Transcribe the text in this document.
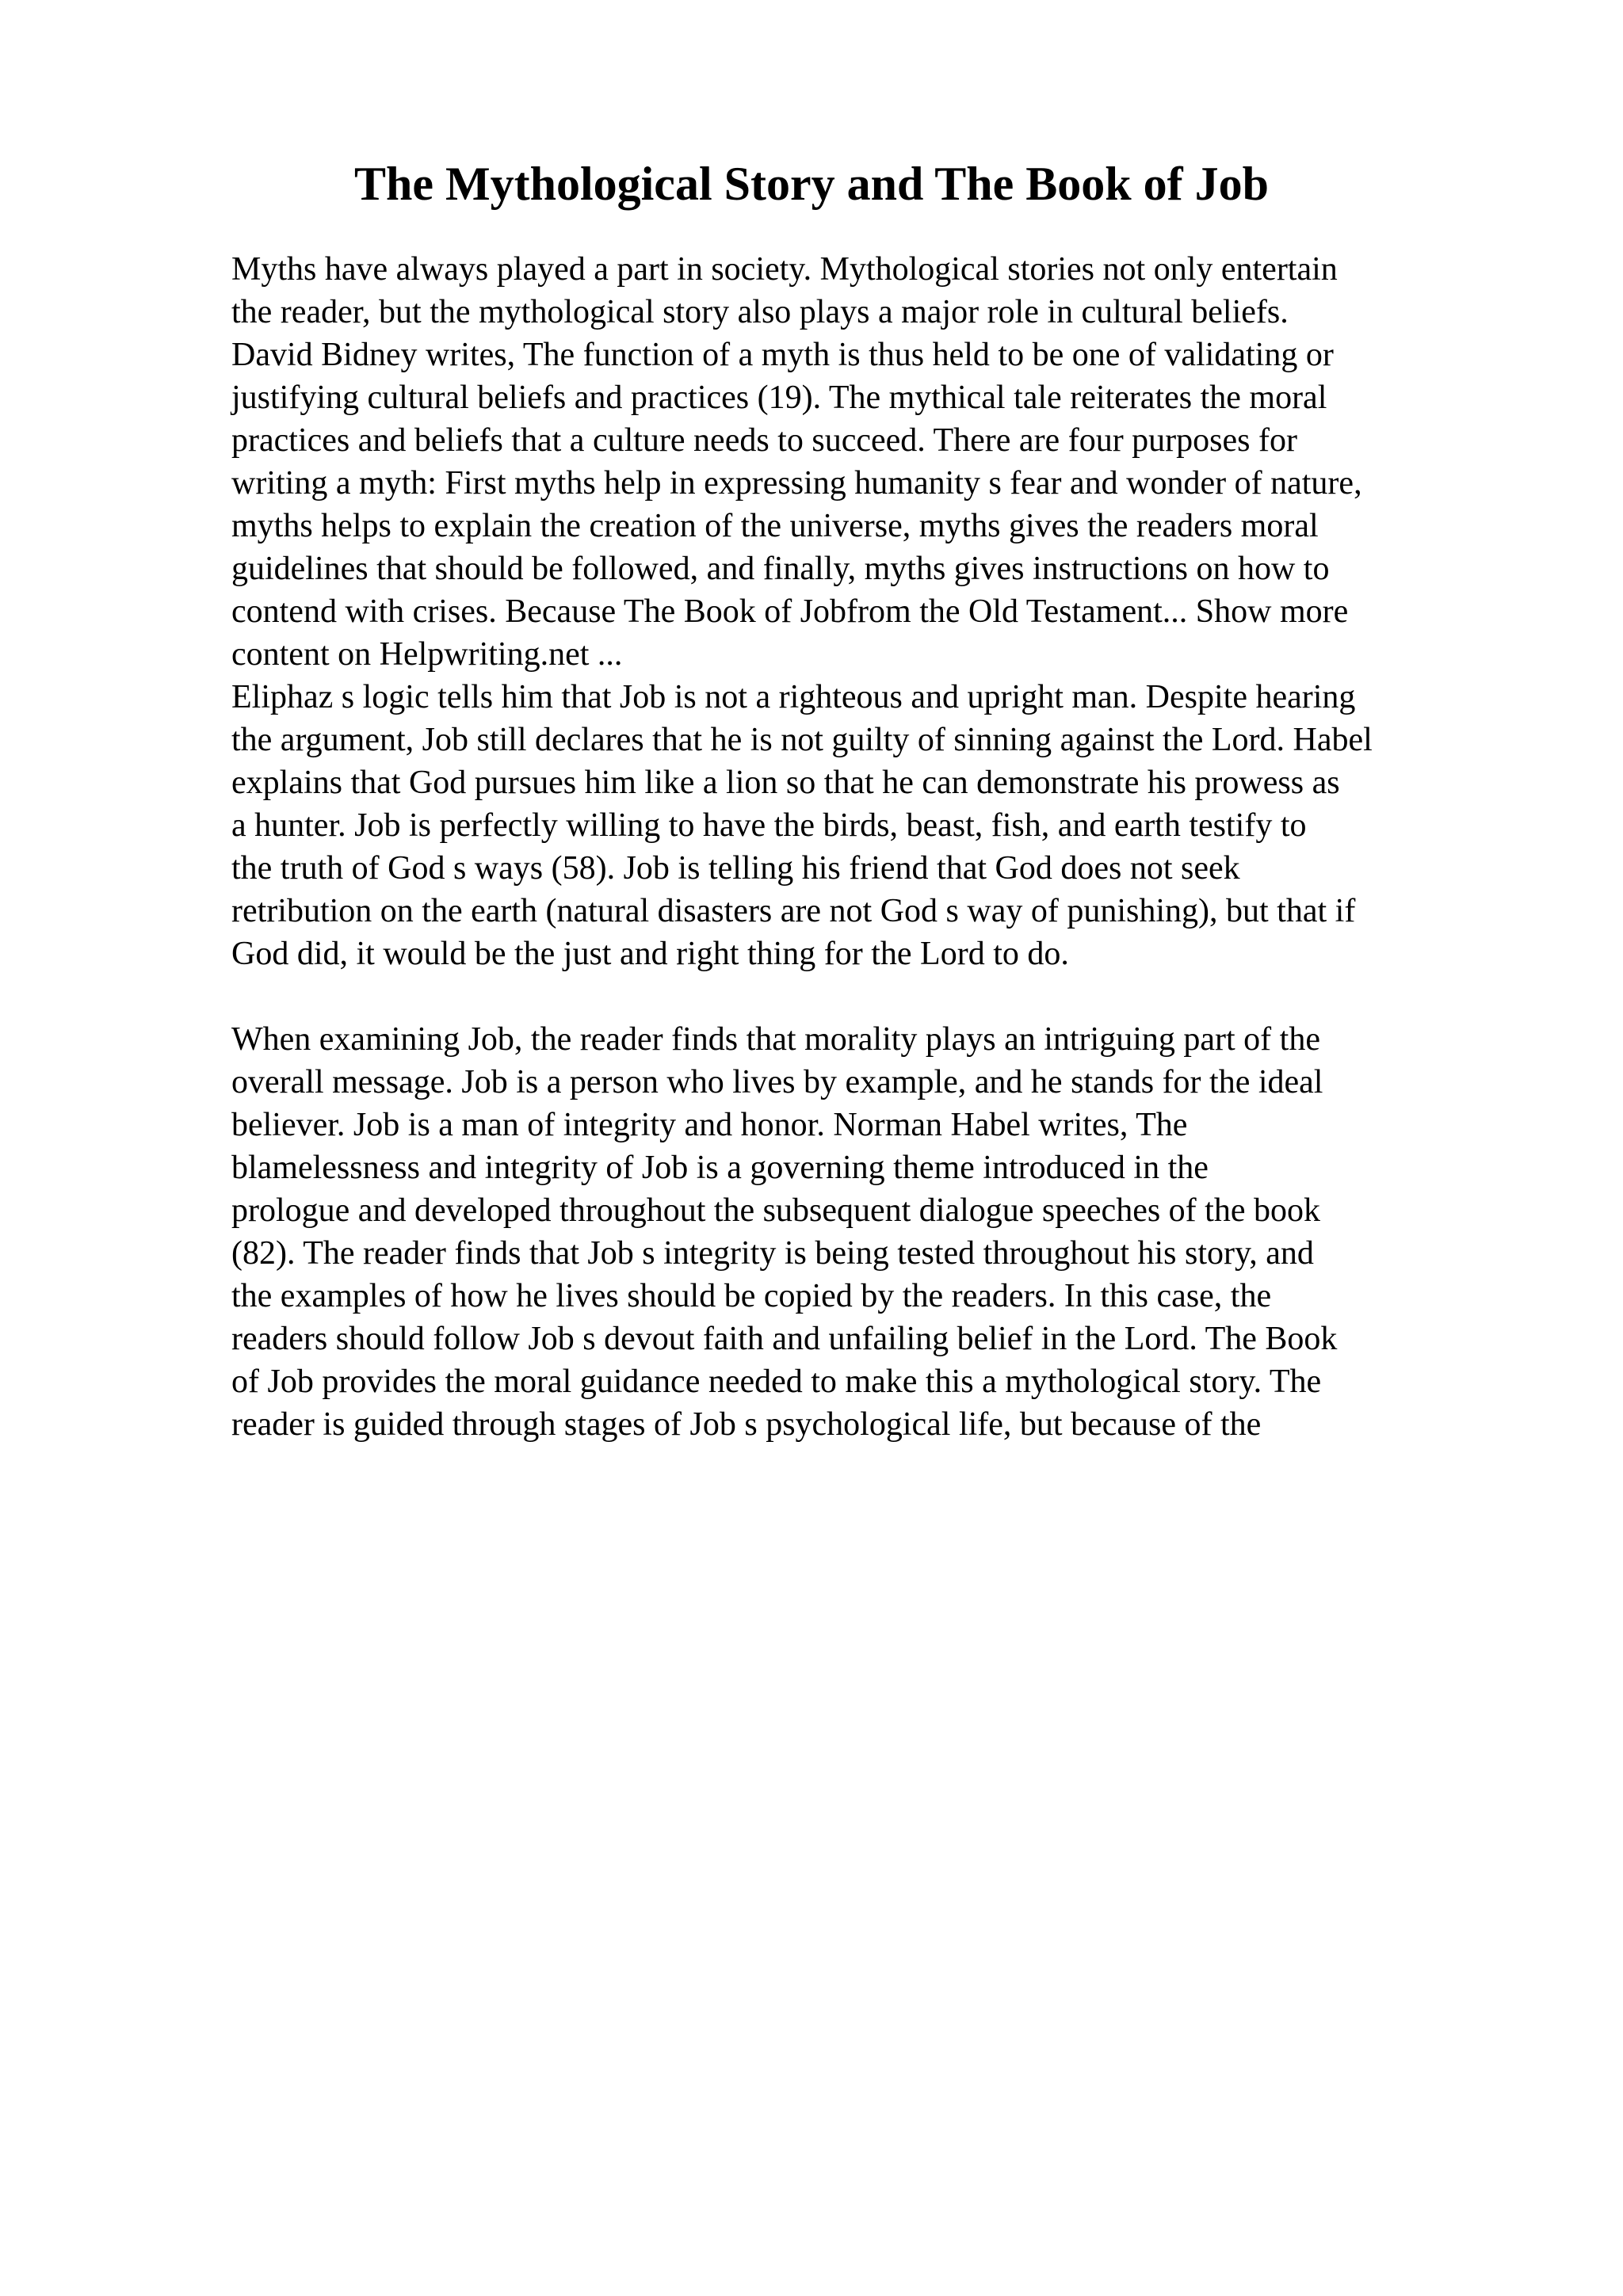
The Mythological Story and The Book of Job
Myths have always played a part in society. Mythological stories not only entertain
the reader, but the mythological story also plays a major role in cultural beliefs.
David Bidney writes, The function of a myth is thus held to be one of validating or
justifying cultural beliefs and practices (19). The mythical tale reiterates the moral
practices and beliefs that a culture needs to succeed. There are four purposes for
writing a myth: First myths help in expressing humanity s fear and wonder of nature,
myths helps to explain the creation of the universe, myths gives the readers moral
guidelines that should be followed, and finally, myths gives instructions on how to
contend with crises. Because The Book of Jobfrom the Old Testament... Show more
content on Helpwriting.net ...
Eliphaz s logic tells him that Job is not a righteous and upright man. Despite hearing
the argument, Job still declares that he is not guilty of sinning against the Lord. Habel
explains that God pursues him like a lion so that he can demonstrate his prowess as
a hunter. Job is perfectly willing to have the birds, beast, fish, and earth testify to
the truth of God s ways (58). Job is telling his friend that God does not seek
retribution on the earth (natural disasters are not God s way of punishing), but that if
God did, it would be the just and right thing for the Lord to do.
When examining Job, the reader finds that morality plays an intriguing part of the
overall message. Job is a person who lives by example, and he stands for the ideal
believer. Job is a man of integrity and honor. Norman Habel writes, The
blamelessness and integrity of Job is a governing theme introduced in the
prologue and developed throughout the subsequent dialogue speeches of the book
(82). The reader finds that Job s integrity is being tested throughout his story, and
the examples of how he lives should be copied by the readers. In this case, the
readers should follow Job s devout faith and unfailing belief in the Lord. The Book
of Job provides the moral guidance needed to make this a mythological story. The
reader is guided through stages of Job s psychological life, but because of the
